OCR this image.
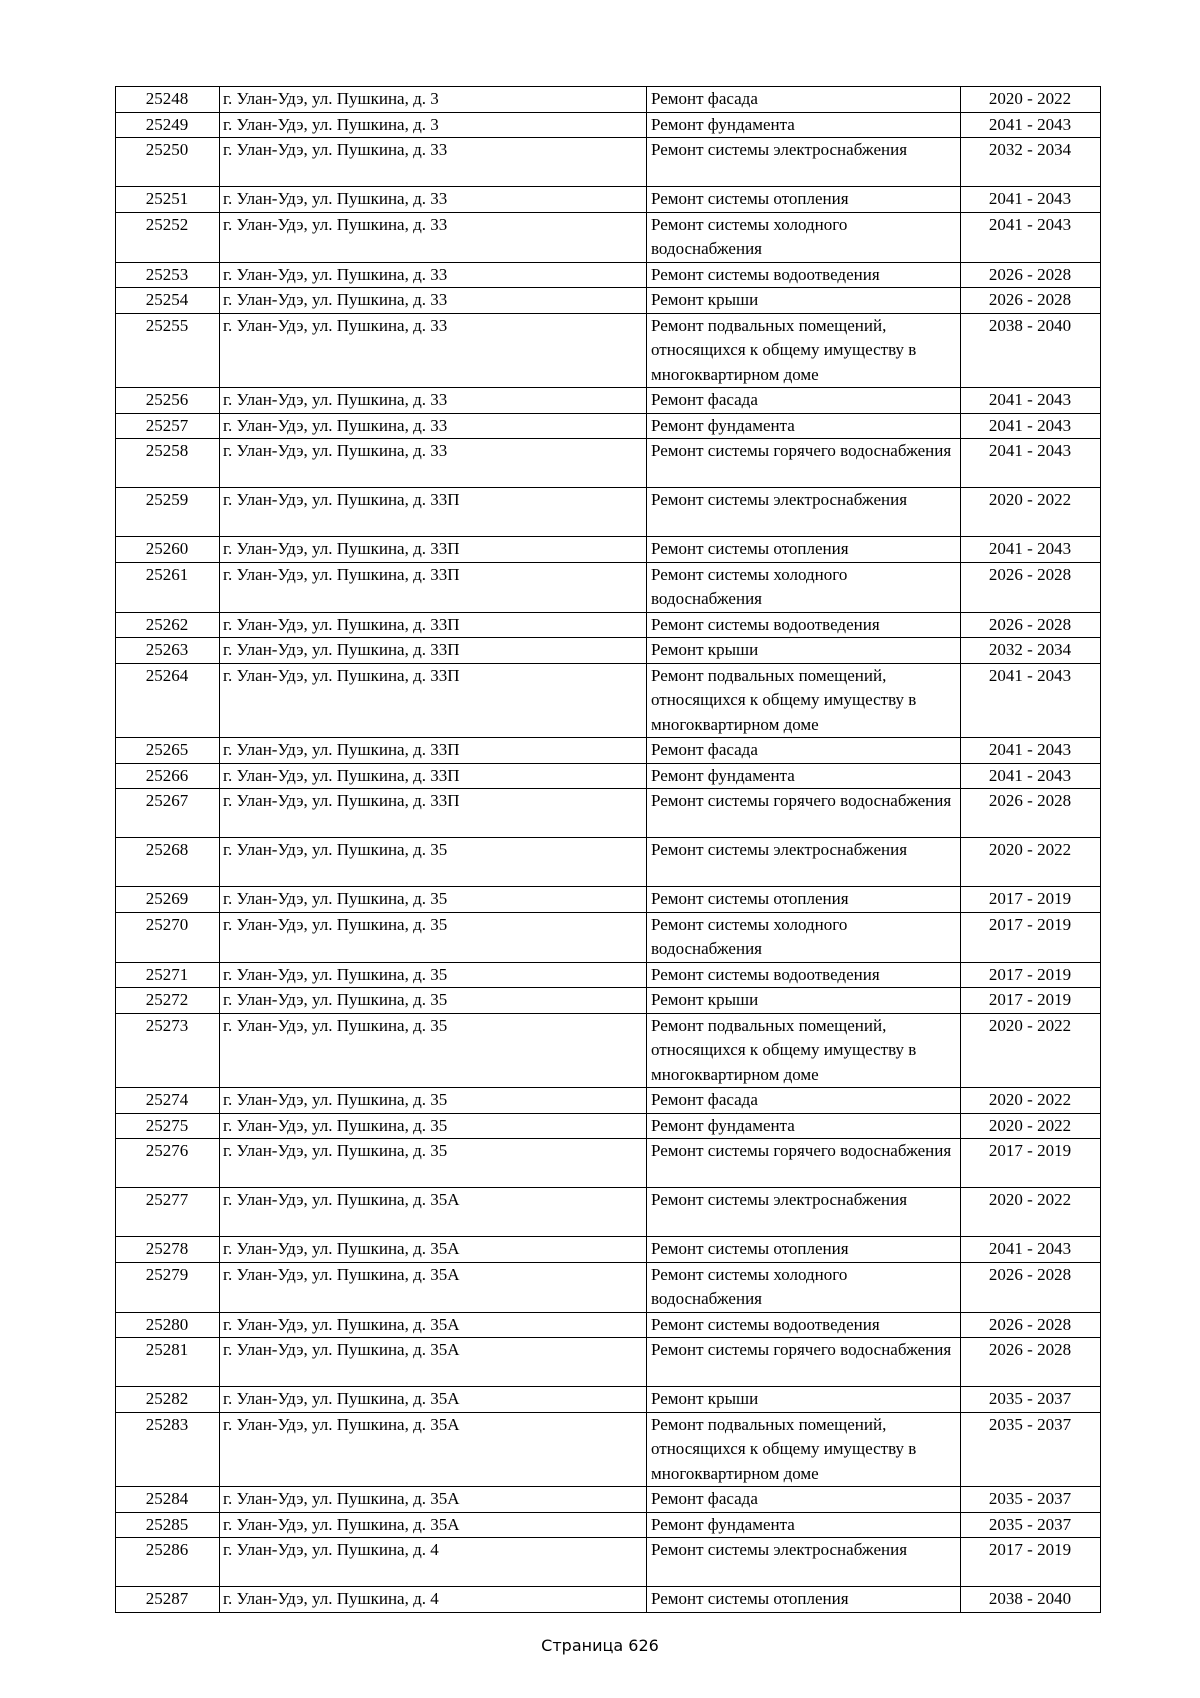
25248	г. Улан-Удэ, ул. Пушкина, д. 3	Ремонт фасада	2020 - 2022
25249	г. Улан-Удэ, ул. Пушкина, д. 3	Ремонт фундамента	2041 - 2043
25250	г. Улан-Удэ, ул. Пушкина, д. 33	Ремонт системы электроснабжения	2032 - 2034
25251	г. Улан-Удэ, ул. Пушкина, д. 33	Ремонт системы отопления	2041 - 2043
25252	г. Улан-Удэ, ул. Пушкина, д. 33	Ремонт системы холодного водоснабжения	2041 - 2043
25253	г. Улан-Удэ, ул. Пушкина, д. 33	Ремонт системы водоотведения	2026 - 2028
25254	г. Улан-Удэ, ул. Пушкина, д. 33	Ремонт крыши	2026 - 2028
25255	г. Улан-Удэ, ул. Пушкина, д. 33	Ремонт подвальных помещений, относящихся к общему имуществу в многоквартирном доме	2038 - 2040
25256	г. Улан-Удэ, ул. Пушкина, д. 33	Ремонт фасада	2041 - 2043
25257	г. Улан-Удэ, ул. Пушкина, д. 33	Ремонт фундамента	2041 - 2043
25258	г. Улан-Удэ, ул. Пушкина, д. 33	Ремонт системы горячего водоснабжения	2041 - 2043
25259	г. Улан-Удэ, ул. Пушкина, д. 33П	Ремонт системы электроснабжения	2020 - 2022
25260	г. Улан-Удэ, ул. Пушкина, д. 33П	Ремонт системы отопления	2041 - 2043
25261	г. Улан-Удэ, ул. Пушкина, д. 33П	Ремонт системы холодного водоснабжения	2026 - 2028
25262	г. Улан-Удэ, ул. Пушкина, д. 33П	Ремонт системы водоотведения	2026 - 2028
25263	г. Улан-Удэ, ул. Пушкина, д. 33П	Ремонт крыши	2032 - 2034
25264	г. Улан-Удэ, ул. Пушкина, д. 33П	Ремонт подвальных помещений, относящихся к общему имуществу в многоквартирном доме	2041 - 2043
25265	г. Улан-Удэ, ул. Пушкина, д. 33П	Ремонт фасада	2041 - 2043
25266	г. Улан-Удэ, ул. Пушкина, д. 33П	Ремонт фундамента	2041 - 2043
25267	г. Улан-Удэ, ул. Пушкина, д. 33П	Ремонт системы горячего водоснабжения	2026 - 2028
25268	г. Улан-Удэ, ул. Пушкина, д. 35	Ремонт системы электроснабжения	2020 - 2022
25269	г. Улан-Удэ, ул. Пушкина, д. 35	Ремонт системы отопления	2017 - 2019
25270	г. Улан-Удэ, ул. Пушкина, д. 35	Ремонт системы холодного водоснабжения	2017 - 2019
25271	г. Улан-Удэ, ул. Пушкина, д. 35	Ремонт системы водоотведения	2017 - 2019
25272	г. Улан-Удэ, ул. Пушкина, д. 35	Ремонт крыши	2017 - 2019
25273	г. Улан-Удэ, ул. Пушкина, д. 35	Ремонт подвальных помещений, относящихся к общему имуществу в многоквартирном доме	2020 - 2022
25274	г. Улан-Удэ, ул. Пушкина, д. 35	Ремонт фасада	2020 - 2022
25275	г. Улан-Удэ, ул. Пушкина, д. 35	Ремонт фундамента	2020 - 2022
25276	г. Улан-Удэ, ул. Пушкина, д. 35	Ремонт системы горячего водоснабжения	2017 - 2019
25277	г. Улан-Удэ, ул. Пушкина, д. 35А	Ремонт системы электроснабжения	2020 - 2022
25278	г. Улан-Удэ, ул. Пушкина, д. 35А	Ремонт системы отопления	2041 - 2043
25279	г. Улан-Удэ, ул. Пушкина, д. 35А	Ремонт системы холодного водоснабжения	2026 - 2028
25280	г. Улан-Удэ, ул. Пушкина, д. 35А	Ремонт системы водоотведения	2026 - 2028
25281	г. Улан-Удэ, ул. Пушкина, д. 35А	Ремонт системы горячего водоснабжения	2026 - 2028
25282	г. Улан-Удэ, ул. Пушкина, д. 35А	Ремонт крыши	2035 - 2037
25283	г. Улан-Удэ, ул. Пушкина, д. 35А	Ремонт подвальных помещений, относящихся к общему имуществу в многоквартирном доме	2035 - 2037
25284	г. Улан-Удэ, ул. Пушкина, д. 35А	Ремонт фасада	2035 - 2037
25285	г. Улан-Удэ, ул. Пушкина, д. 35А	Ремонт фундамента	2035 - 2037
25286	г. Улан-Удэ, ул. Пушкина, д. 4	Ремонт системы электроснабжения	2017 - 2019
25287	г. Улан-Удэ, ул. Пушкина, д. 4	Ремонт системы отопления	2038 - 2040
Страница 626
